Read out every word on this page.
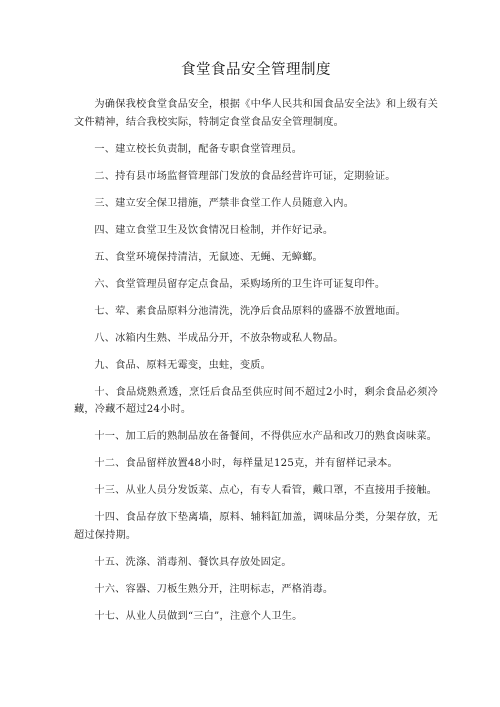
食堂食品安全管理制度

为确保我校食堂食品安全，根据《中华人民共和国食品安全法》和上级有关文件精神，结合我校实际，特制定食堂食品安全管理制度。

一、建立校长负责制，配备专职食堂管理员。

二、持有县市场监督管理部门发放的食品经营许可证，定期验证。

三、建立安全保卫措施，严禁非食堂工作人员随意入内。

四、建立食堂卫生及饮食情况日检制，并作好记录。

五、食堂环境保持清洁，无鼠迹、无蝇、无蟑螂。

六、食堂管理员留存定点食品，采购场所的卫生许可证复印件。

七、荤、素食品原料分池清洗，洗净后食品原料的盛器不放置地面。

八、冰箱内生熟、半成品分开，不放杂物或私人物品。

九、食品、原料无霉变，虫蛀，变质。

十、食品烧熟煮透，烹饪后食品至供应时间不超过2小时，剩余食品必须冷藏，冷藏不超过24小时。

十一、加工后的熟制品放在备餐间，不得供应水产品和改刀的熟食卤味菜。

十二、食品留样放置48小时，每样量足125克，并有留样记录本。

十三、从业人员分发饭菜、点心，有专人看管，戴口罩，不直接用手接触。

十四、食品存放下垫离墙，原料、辅料缸加盖，调味品分类，分架存放，无超过保持期。

十五、洗涤、消毒剂、餐饮具存放处固定。

十六、容器、刀板生熟分开，注明标志，严格消毒。

十七、从业人员做到“三白”，注意个人卫生。
